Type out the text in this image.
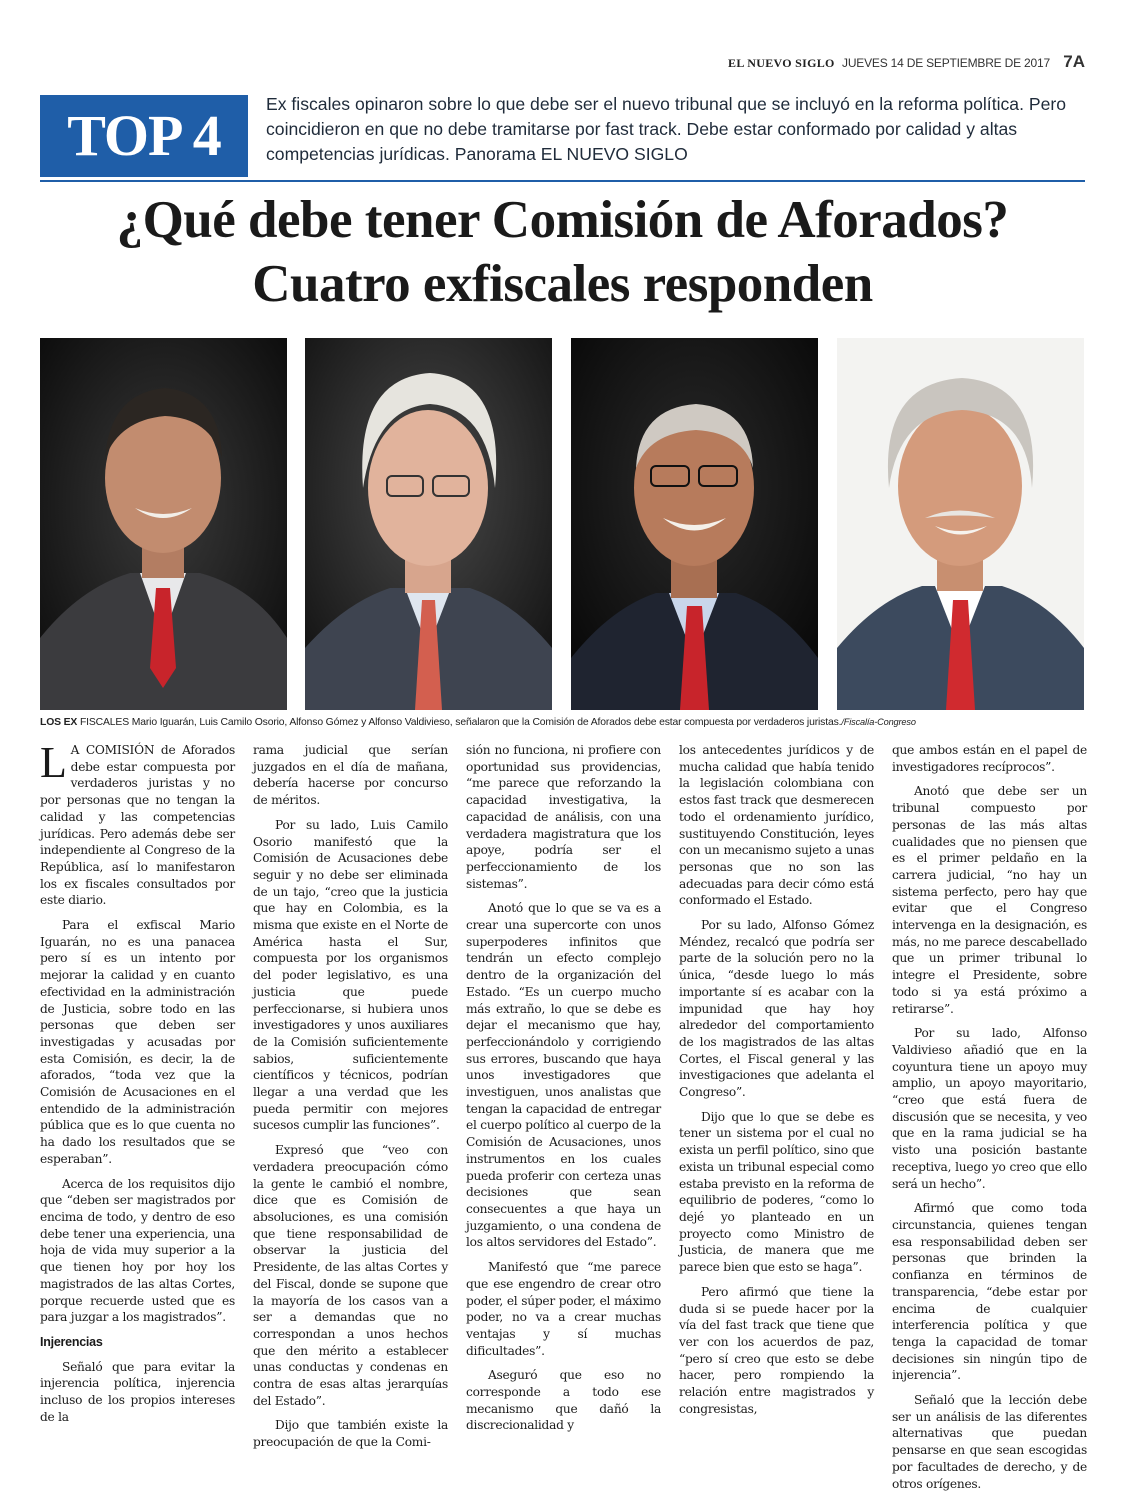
EL NUEVO SIGLO JUEVES 14 DE SEPTIEMBRE DE 2017 7A
TOP 4	Ex fiscales opinaron sobre lo que debe ser el nuevo tribunal que se incluyó en la reforma política. Pero coincidieron en que no debe tramitarse por fast track. Debe estar conformado por calidad y altas competencias jurídicas. Panorama EL NUEVO SIGLO
¿Qué debe tener Comisión de Aforados?
Cuatro exfiscales responden
LOS EX FISCALES Mario Iguarán, Luis Camilo Osorio, Alfonso Gómez y Alfonso Valdivieso, señalaron que la Comisión de Aforados debe estar compuesta por verdaderos juristas./Fiscalía-Congreso

L A COMISIÓN de Aforados debe estar compuesta por verdaderos juristas y no por personas que no tengan la calidad y las competencias jurídicas. Pero además debe ser independiente al Congreso de la República, así lo manifestaron los ex fiscales consultados por este diario.

Para el exfiscal Mario Iguarán, no es una panacea pero sí es un intento por mejorar la calidad y en cuanto efectividad en la administración de Justicia, sobre todo en las personas que deben ser investigadas y acusadas por esta Comisión, es decir, la de aforados, “toda vez que la Comisión de Acusaciones en el entendido de la administración pública que es lo que cuenta no ha dado los resultados que se esperaban”.

Acerca de los requisitos dijo que “deben ser magistrados por encima de todo, y dentro de eso debe tener una experiencia, una hoja de vida muy superior a la que tienen hoy por hoy los magistrados de las altas Cortes, porque recuerde usted que es para juzgar a los magistrados”.

Injerencias

Señaló que para evitar la injerencia política, injerencia incluso de los propios intereses de la

rama judicial que serían juzgados en el día de mañana, debería hacerse por concurso de méritos.

Por su lado, Luis Camilo Osorio manifestó que la Comisión de Acusaciones debe seguir y no debe ser eliminada de un tajo, “creo que la justicia que hay en Colombia, es la misma que existe en el Norte de América hasta el Sur, compuesta por los organismos del poder legislativo, es una justicia que puede perfeccionarse, si hubiera unos investigadores y unos auxiliares de la Comisión suficientemente sabios, suficientemente científicos y técnicos, podrían llegar a una verdad que les pueda permitir con mejores sucesos cumplir las funciones”.

Expresó que “veo con verdadera preocupación cómo la gente le cambió el nombre, dice que es Comisión de absoluciones, es una comisión que tiene responsabilidad de observar la justicia del Presidente, de las altas Cortes y del Fiscal, donde se supone que la mayoría de los casos van a ser a demandas que no correspondan a unos hechos que den mérito a establecer unas conductas y condenas en contra de esas altas jerarquías del Estado”.

Dijo que también existe la preocupación de que la Comi-

sión no funciona, ni profiere con oportunidad sus providencias, “me parece que reforzando la capacidad investigativa, la capacidad de análisis, con una verdadera magistratura que los apoye, podría ser el perfeccionamiento de los sistemas”.

Anotó que lo que se va es a crear una supercorte con unos superpoderes infinitos que tendrán un efecto complejo dentro de la organización del Estado. “Es un cuerpo mucho más extraño, lo que se debe es dejar el mecanismo que hay, perfeccionándolo y corrigiendo sus errores, buscando que haya unos investigadores que investiguen, unos analistas que tengan la capacidad de entregar el cuerpo político al cuerpo de la Comisión de Acusaciones, unos instrumentos en los cuales pueda proferir con certeza unas decisiones que sean consecuentes a que haya un juzgamiento, o una condena de los altos servidores del Estado”.

Manifestó que “me parece que ese engendro de crear otro poder, el súper poder, el máximo poder, no va a crear muchas ventajas y sí muchas dificultades”.

Aseguró que eso no corresponde a todo ese mecanismo que dañó la discrecionalidad y

los antecedentes jurídicos y de mucha calidad que había tenido la legislación colombiana con estos fast track que desmerecen todo el ordenamiento jurídico, sustituyendo Constitución, leyes con un mecanismo sujeto a unas personas que no son las adecuadas para decir cómo está conformado el Estado.

Por su lado, Alfonso Gómez Méndez, recalcó que podría ser parte de la solución pero no la única, “desde luego lo más importante sí es acabar con la impunidad que hay hoy alrededor del comportamiento de los magistrados de las altas Cortes, el Fiscal general y las investigaciones que adelanta el Congreso”.

Dijo que lo que se debe es tener un sistema por el cual no exista un perfil político, sino que exista un tribunal especial como estaba previsto en la reforma de equilibrio de poderes, “como lo dejé yo planteado en un proyecto como Ministro de Justicia, de manera que me parece bien que esto se haga”.

Pero afirmó que tiene la duda si se puede hacer por la vía del fast track que tiene que ver con los acuerdos de paz, “pero sí creo que esto se debe hacer, pero rompiendo la relación entre magistrados y congresistas,

que ambos están en el papel de investigadores recíprocos”.

Anotó que debe ser un tribunal compuesto por personas de las más altas cualidades que no piensen que es el primer peldaño en la carrera judicial, “no hay un sistema perfecto, pero hay que evitar que el Congreso intervenga en la designación, es más, no me parece descabellado que un primer tribunal lo integre el Presidente, sobre todo si ya está próximo a retirarse”.

Por su lado, Alfonso Valdivieso añadió que en la coyuntura tiene un apoyo muy amplio, un apoyo mayoritario, “creo que está fuera de discusión que se necesita, y veo que en la rama judicial se ha visto una posición bastante receptiva, luego yo creo que ello será un hecho”.

Afirmó que como toda circunstancia, quienes tengan esa responsabilidad deben ser personas que brinden la confianza en términos de transparencia, “debe estar por encima de cualquier interferencia política y que tenga la capacidad de tomar decisiones sin ningún tipo de injerencia”.

Señaló que la lección debe ser un análisis de las diferentes alternativas que puedan pensarse en que sean escogidas por facultades de derecho, y de otros orígenes.
